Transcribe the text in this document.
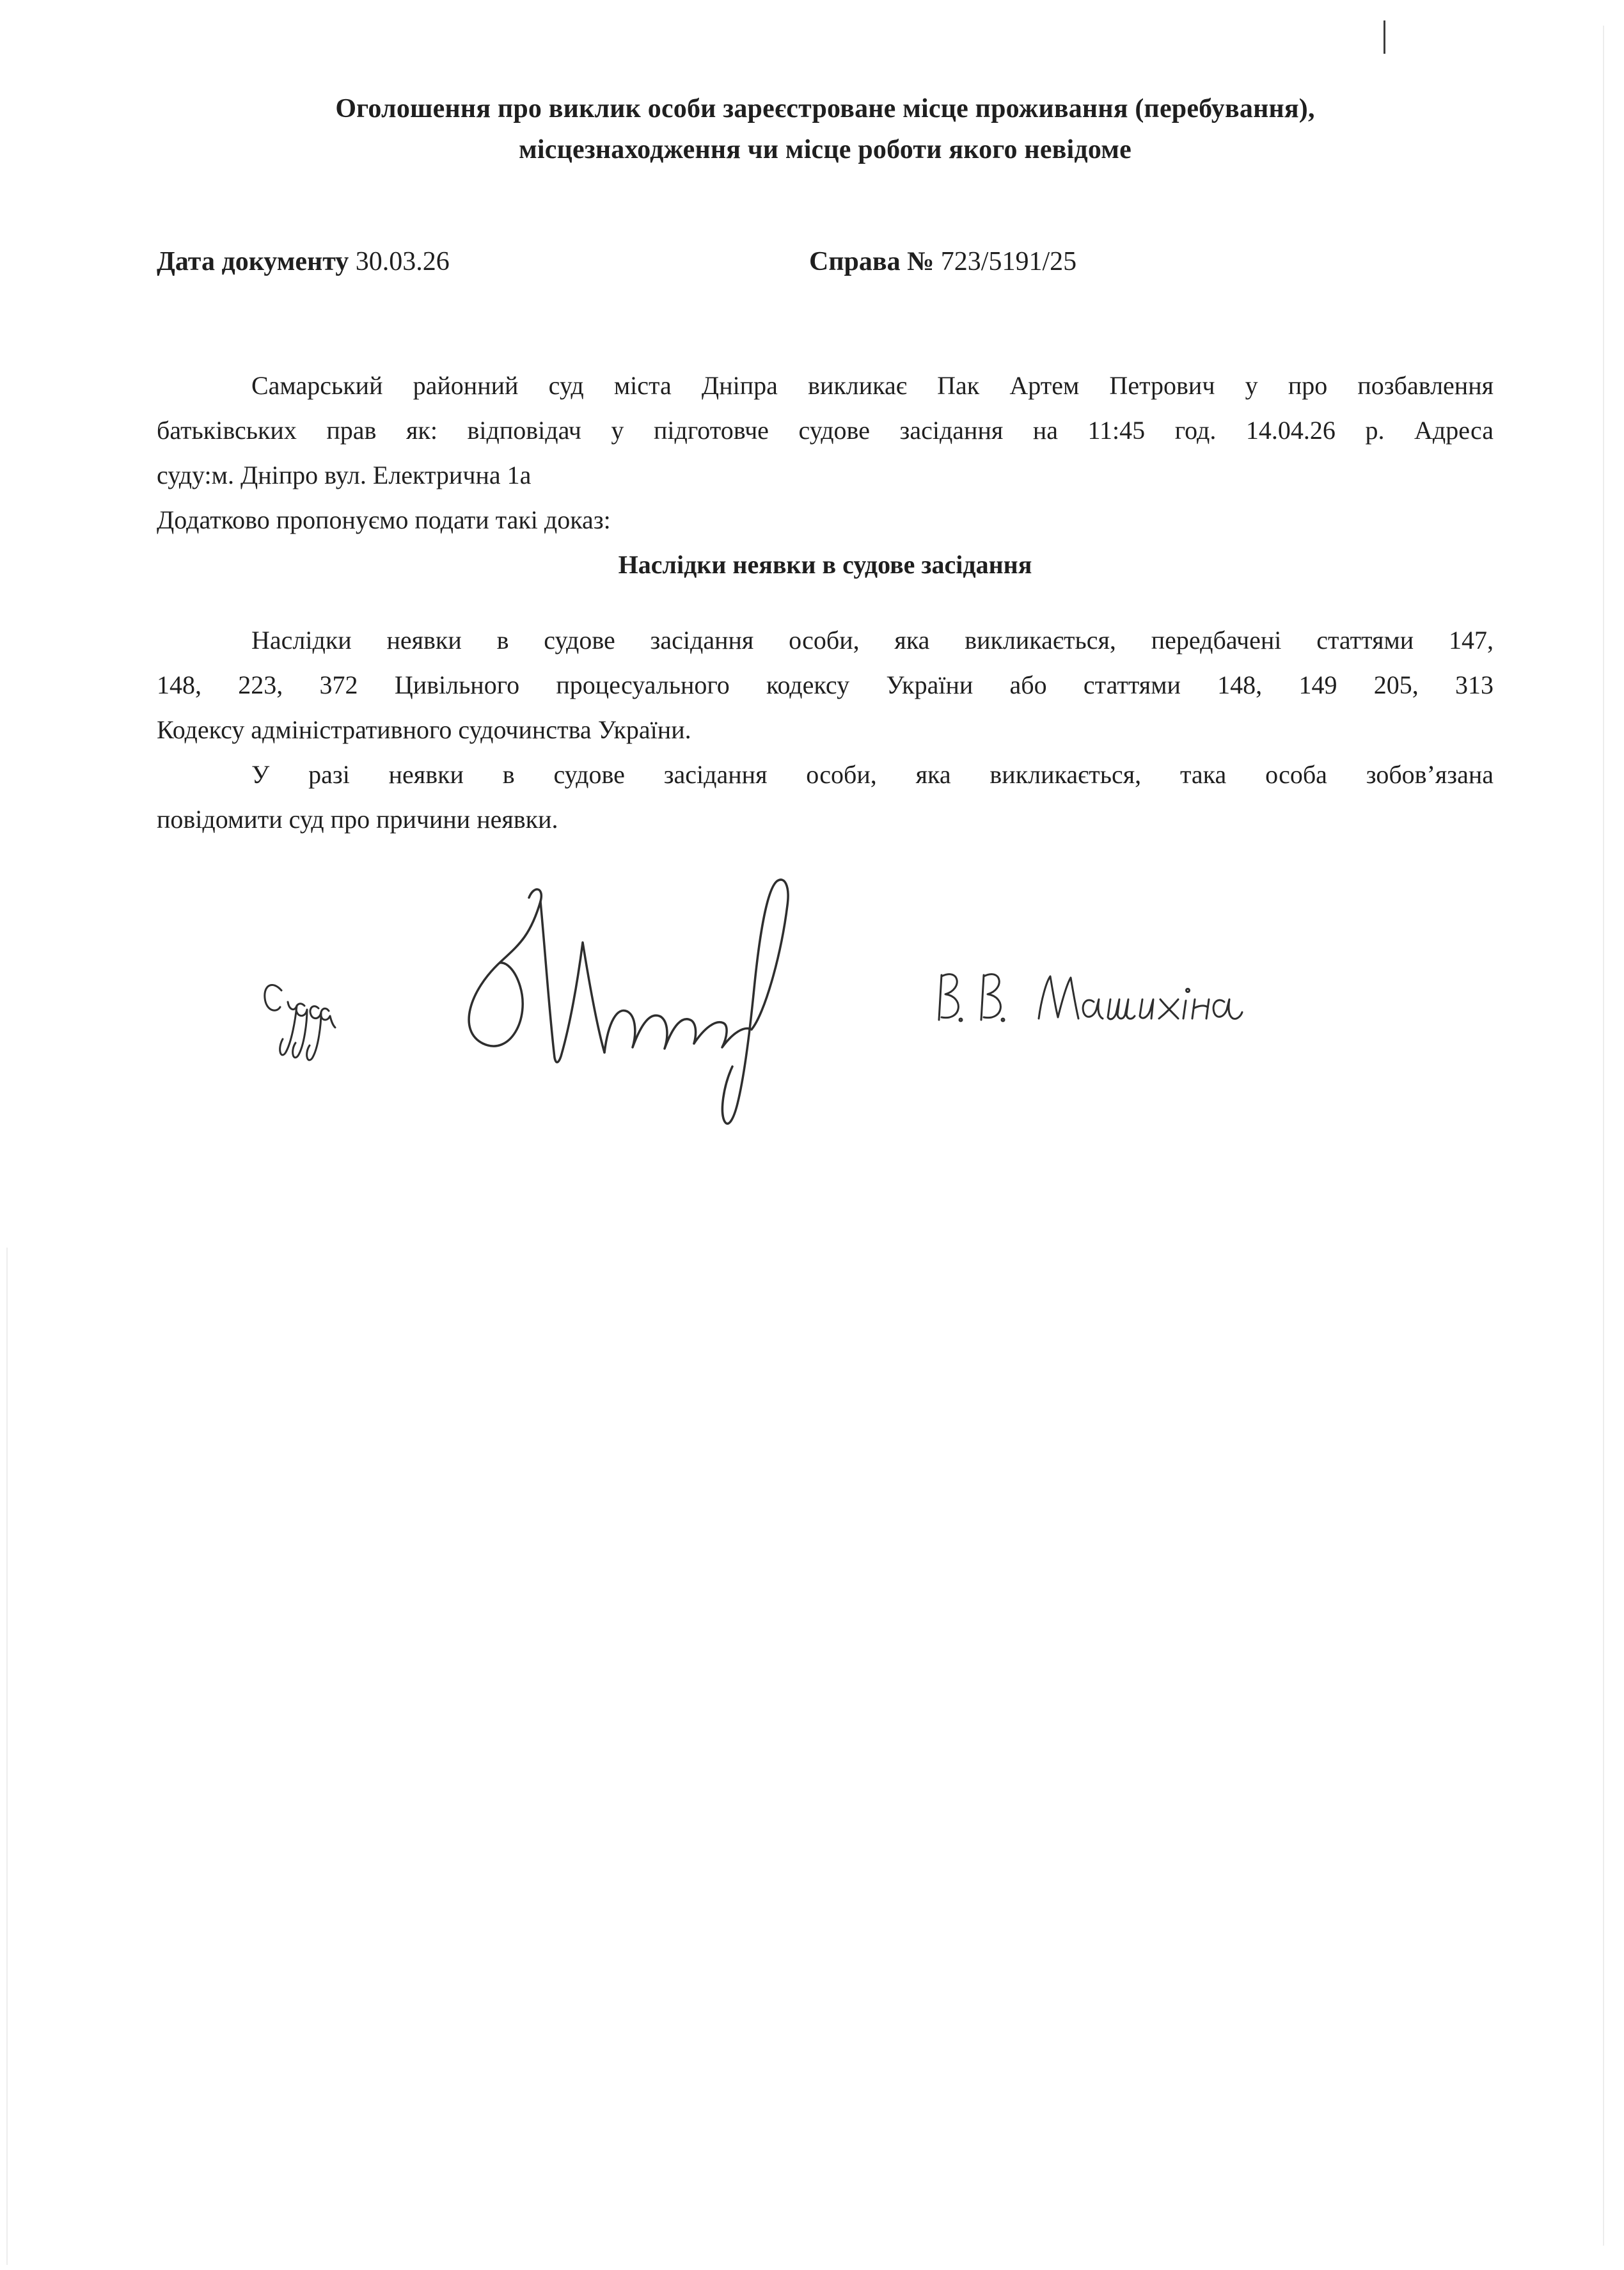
Оголошення про виклик особи зареєстроване місце проживання (перебування),
місцезнаходження чи місце роботи якого невідоме
Дата документу 30.03.26	Справа № 723/5191/25
Самарський районний суд міста Дніпра викликає Пак Артем Петрович у про позбавлення
батьківських прав як: відповідач у підготовче судове засідання на 11:45 год. 14.04.26 р. Адреса
суду:м. Дніпро вул. Електрична 1а
Додатково пропонуємо подати такі доказ:
Наслідки неявки в судове засідання
Наслідки неявки в судове засідання особи, яка викликається, передбачені статтями 147,
148, 223, 372 Цивільного процесуального кодексу України або статтями 148, 149 205, 313
Кодексу адміністративного судочинства України.
У разі неявки в судове засідання особи, яка викликається, така особа зобов’язана
повідомити суд про причини неявки.
